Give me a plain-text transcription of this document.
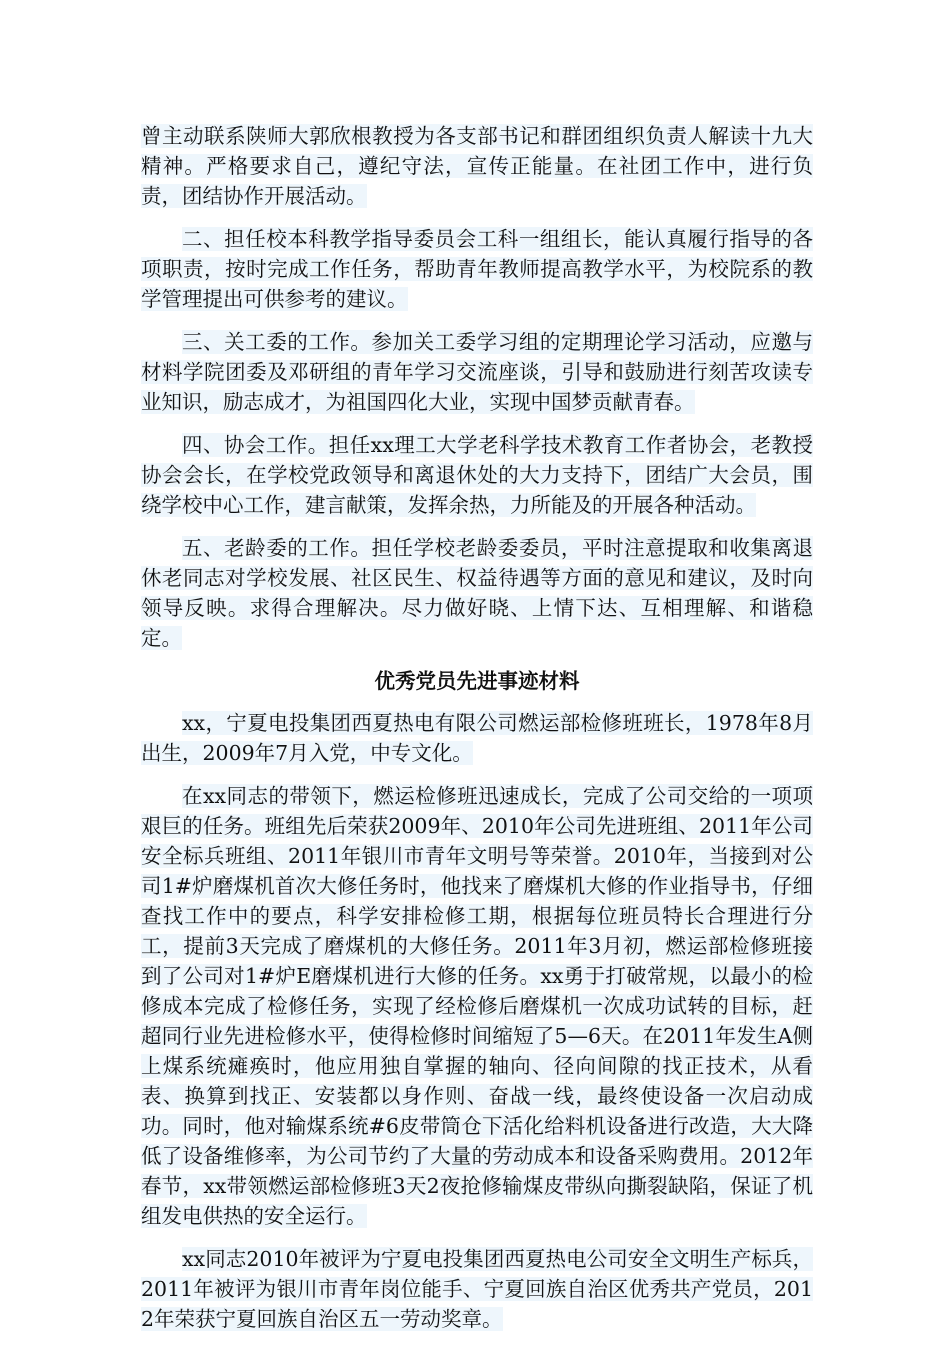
曾主动联系陕师大郭欣根教授为各支部书记和群团组织负责人解读十九大精神。严格要求自己，遵纪守法，宣传正能量。在社团工作中，进行负责，团结协作开展活动。

二、担任校本科教学指导委员会工科一组组长，能认真履行指导的各项职责，按时完成工作任务，帮助青年教师提高教学水平，为校院系的教学管理提出可供参考的建议。

三、关工委的工作。参加关工委学习组的定期理论学习活动，应邀与材料学院团委及邓研组的青年学习交流座谈，引导和鼓励进行刻苦攻读专业知识，励志成才，为祖国四化大业，实现中国梦贡献青春。

四、协会工作。担任xx理工大学老科学技术教育工作者协会，老教授协会会长，在学校党政领导和离退休处的大力支持下，团结广大会员，围绕学校中心工作，建言献策，发挥余热，力所能及的开展各种活动。

五、老龄委的工作。担任学校老龄委委员，平时注意提取和收集离退休老同志对学校发展、社区民生、权益待遇等方面的意见和建议，及时向领导反映。求得合理解决。尽力做好晓、上情下达、互相理解、和谐稳定。

优秀党员先进事迹材料

xx，宁夏电投集团西夏热电有限公司燃运部检修班班长，1978年8月出生，2009年7月入党，中专文化。

在xx同志的带领下，燃运检修班迅速成长，完成了公司交给的一项项艰巨的任务。班组先后荣获2009年、2010年公司先进班组、2011年公司安全标兵班组、2011年银川市青年文明号等荣誉。2010年，当接到对公司1#炉磨煤机首次大修任务时，他找来了磨煤机大修的作业指导书，仔细查找工作中的要点，科学安排检修工期，根据每位班员特长合理进行分工，提前3天完成了磨煤机的大修任务。2011年3月初，燃运部检修班接到了公司对1#炉E磨煤机进行大修的任务。xx勇于打破常规，以最小的检修成本完成了检修任务，实现了经检修后磨煤机一次成功试转的目标，赶超同行业先进检修水平，使得检修时间缩短了5—6天。在2011年发生A侧上煤系统瘫痪时，他应用独自掌握的轴向、径向间隙的找正技术，从看表、换算到找正、安装都以身作则、奋战一线，最终使设备一次启动成功。同时，他对输煤系统#6皮带筒仓下活化给料机设备进行改造，大大降低了设备维修率，为公司节约了大量的劳动成本和设备采购费用。2012年春节，xx带领燃运部检修班3天2夜抢修输煤皮带纵向撕裂缺陷，保证了机组发电供热的安全运行。

xx同志2010年被评为宁夏电投集团西夏热电公司安全文明生产标兵，2011年被评为银川市青年岗位能手、宁夏回族自治区优秀共产党员，2012年荣获宁夏回族自治区五一劳动奖章。
